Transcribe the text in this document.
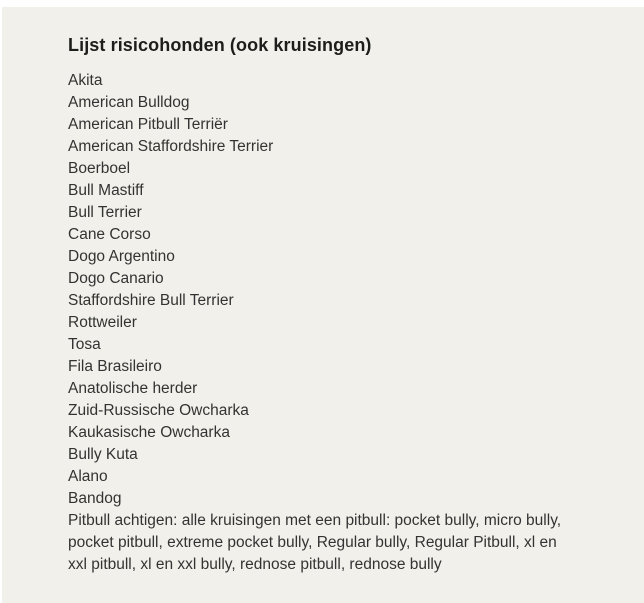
Lijst risicohonden (ook kruisingen)
Akita
American Bulldog
American Pitbull Terriër
American Staffordshire Terrier
Boerboel
Bull Mastiff
Bull Terrier
Cane Corso
Dogo Argentino
Dogo Canario
Staffordshire Bull Terrier
Rottweiler
Tosa
Fila Brasileiro
Anatolische herder
Zuid-Russische Owcharka
Kaukasische Owcharka
Bully Kuta
Alano
Bandog

Pitbull achtigen: alle kruisingen met een pitbull: pocket bully, micro bully, pocket pitbull, extreme pocket bully, Regular bully, Regular Pitbull, xl en xxl pitbull, xl en xxl bully, rednose pitbull, rednose bully
